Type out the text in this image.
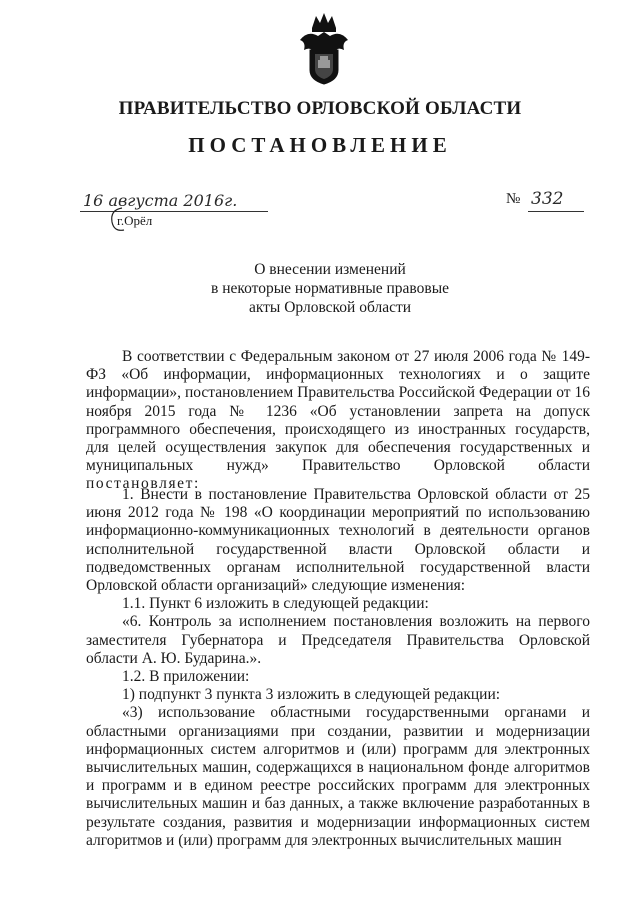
ПРАВИТЕЛЬСТВО ОРЛОВСКОЙ ОБЛАСТИ
ПОСТАНОВЛЕНИЕ
16 августа 2016г.	№ 332
г.Орёл
О внесении изменений
в некоторые нормативные правовые
акты Орловской области

В соответствии с Федеральным законом от 27 июля 2006 года № 149-ФЗ «Об информации, информационных технологиях и о защите информации», постановлением Правительства Российской Федерации от 16 ноября 2015 года № 1236 «Об установлении запрета на допуск программного обеспечения, происходящего из иностранных государств, для целей осуществления закупок для обеспечения государственных и муниципальных нужд» Правительство Орловской области постановляет:

1. Внести в постановление Правительства Орловской области от 25 июня 2012 года № 198 «О координации мероприятий по использованию информационно-коммуникационных технологий в деятельности органов исполнительной государственной власти Орловской области и подведомственных органам исполнительной государственной власти Орловской области организаций» следующие изменения:

1.1. Пункт 6 изложить в следующей редакции:

«6. Контроль за исполнением постановления возложить на первого заместителя Губернатора и Председателя Правительства Орловской области А. Ю. Бударина.».

1.2. В приложении:

1) подпункт 3 пункта 3 изложить в следующей редакции:

«3) использование областными государственными органами и областными организациями при создании, развитии и модернизации информационных систем алгоритмов и (или) программ для электронных вычислительных машин, содержащихся в национальном фонде алгоритмов и программ и в едином реестре российских программ для электронных вычислительных машин и баз данных, а также включение разработанных в результате создания, развития и модернизации информационных систем алгоритмов и (или) программ для электронных вычислительных машин
